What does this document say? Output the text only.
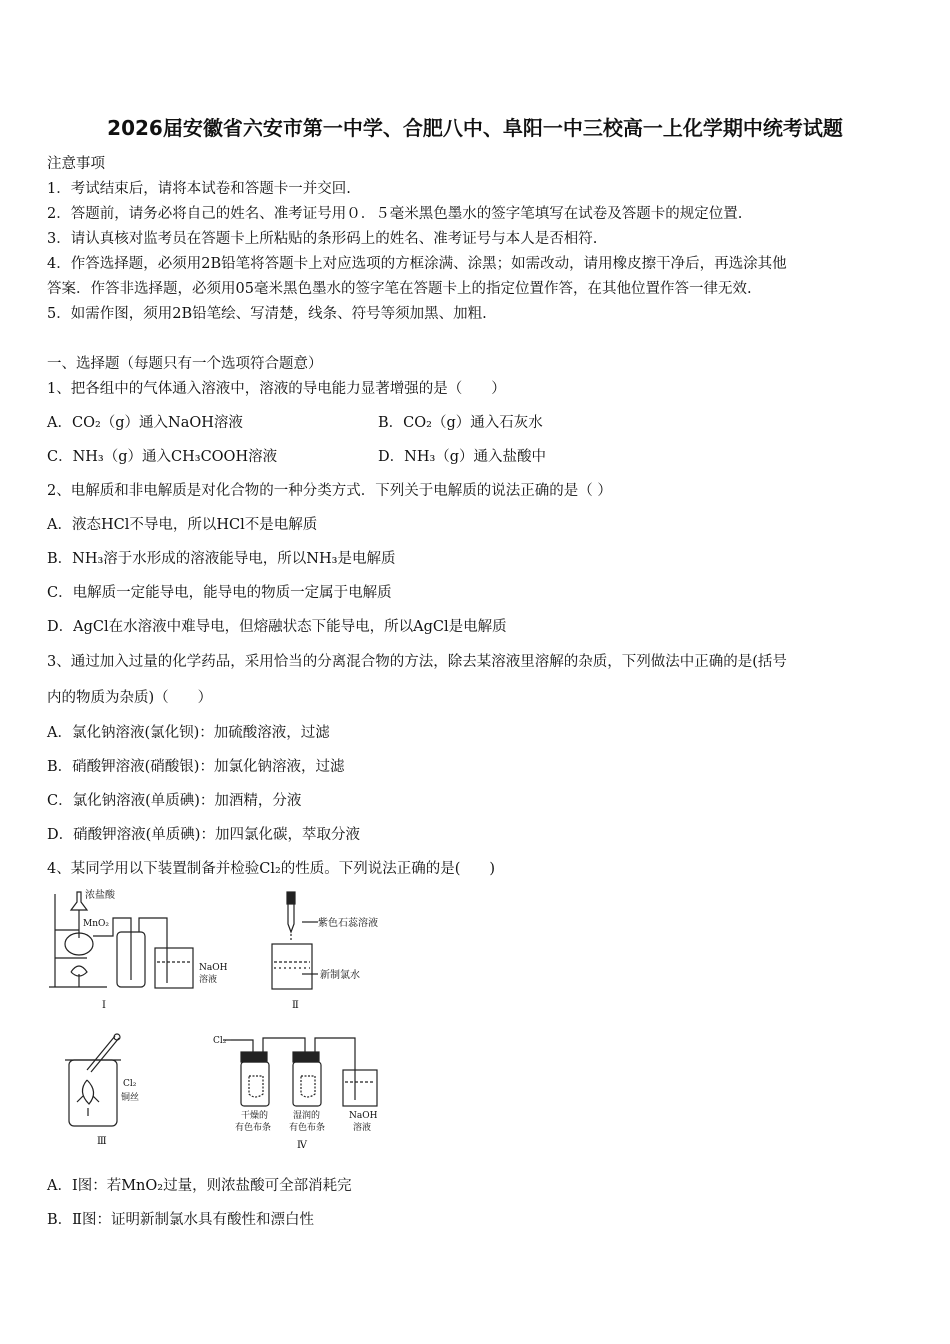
2026届安徽省六安市第一中学、合肥八中、阜阳一中三校高一上化学期中统考试题
注意事项
1．考试结束后，请将本试卷和答题卡一并交回.
2．答题前，请务必将自己的姓名、准考证号用０．５毫米黑色墨水的签字笔填写在试卷及答题卡的规定位置.
3．请认真核对监考员在答题卡上所粘贴的条形码上的姓名、准考证号与本人是否相符.
4．作答选择题，必须用2B铅笔将答题卡上对应选项的方框涂满、涂黑；如需改动，请用橡皮擦干净后，再选涂其他
答案．作答非选择题，必须用05毫米黑色墨水的签字笔在答题卡上的指定位置作答，在其他位置作答一律无效.
5．如需作图，须用2B铅笔绘、写清楚，线条、符号等须加黑、加粗.
一、选择题（每题只有一个选项符合题意）
1、把各组中的气体通入溶液中，溶液的导电能力显著增强的是（　　）
A．CO₂（g）通入NaOH溶液	B．CO₂（g）通入石灰水
C．NH₃（g）通入CH₃COOH溶液	D．NH₃（g）通入盐酸中
2、电解质和非电解质是对化合物的一种分类方式．下列关于电解质的说法正确的是（ ）
A．液态HCl不导电，所以HCl不是电解质
B．NH₃溶于水形成的溶液能导电，所以NH₃是电解质
C．电解质一定能导电，能导电的物质一定属于电解质
D．AgCl在水溶液中难导电，但熔融状态下能导电，所以AgCl是电解质
3、通过加入过量的化学药品，采用恰当的分离混合物的方法，除去某溶液里溶解的杂质，下列做法中正确的是(括号
内的物质为杂质)（　　）
A．氯化钠溶液(氯化钡)：加硫酸溶液，过滤
B．硝酸钾溶液(硝酸银)：加氯化钠溶液，过滤
C．氯化钠溶液(单质碘)：加酒精，分液
D．硝酸钾溶液(单质碘)：加四氯化碳，萃取分液
4、某同学用以下装置制备并检验Cl₂的性质。下列说法正确的是(　　)
浓盐酸
MnO₂
NaOH
溶液
Ⅰ
紫色石蕊溶液
新制氯水
Ⅱ
Cl₂
铜丝
Ⅲ
Cl₂
干燥的
有色布条
湿润的
有色布条
NaOH
溶液
Ⅳ
A．Ⅰ图：若MnO₂过量，则浓盐酸可全部消耗完
B．Ⅱ图：证明新制氯水具有酸性和漂白性
